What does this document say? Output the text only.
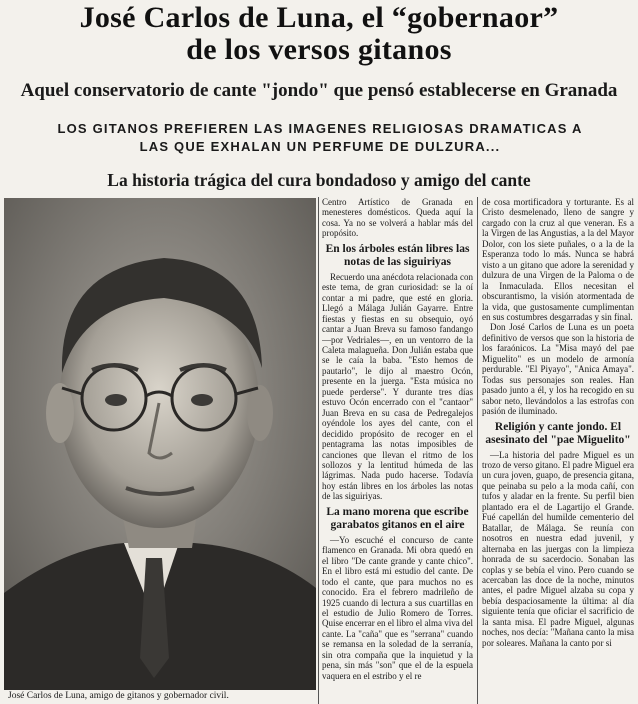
José Carlos de Luna, el “gobernaor”
de los versos gitanos
Aquel conservatorio de cante "jondo" que pensó establecerse en Granada
LOS GITANOS PREFIEREN LAS IMAGENES RELIGIOSAS DRAMATICAS A LAS QUE EXHALAN UN PERFUME DE DULZURA...
La historia trágica del cura bondadoso y amigo del cante
José Carlos de Luna, amigo de gitanos y gobernador civil.

Centro Artístico de Granada en menesteres domésticos. Queda aquí la cosa. Ya no se volverá a hablar más del propósito.

En los árboles están libres las notas de las siguiriyas

Recuerdo una anécdota relacionada con este tema, de gran curiosidad: se la oí contar a mi padre, que esté en gloria. Llegó a Málaga Julián Gayarre. Entre fiestas y fiestas en su obsequio, oyó cantar a Juan Breva su famoso fandango—por Vedriales—, en un ventorro de la Caleta malagueña. Don Julián estaba que se le caía la baba. "Esto hemos de pautarlo", le dijo al maestro Ocón, presente en la juerga. "Esta música no puede perderse". Y durante tres días estuvo Ocón encerrado con el "cantaor" Juan Breva en su casa de Pedregalejos oyéndole los ayes del cante, con el decidido propósito de recoger en el pentagrama las notas imposibles de canciones que llevan el ritmo de los sollozos y la lentitud húmeda de las lágrimas. Nada pudo hacerse. Todavía hoy están libres en los árboles las notas de las siguiriyas.

La mano morena que escribe garabatos gitanos en el aire

—Yo escuché el concurso de cante flamenco en Granada. Mi obra quedó en el libro "De cante grande y cante chico". En el libro está mi estudio del cante. De todo el cante, que para muchos no es conocido. Era el febrero madrileño de 1925 cuando di lectura a sus cuartillas en el estudio de Julio Romero de Torres. Quise encerrar en el libro el alma viva del cante. La "caña" que es "serrana" cuando se remansa en la soledad de la serranía, sin otra compaña que la inquietud y la pena, sin más "son" que el de la espuela vaquera en el estribo y el re

de cosa mortificadora y torturante. Es al Cristo desmelenado, lleno de sangre y cargado con la cruz al que veneran. Es a la Virgen de las Angustias, a la del Mayor Dolor, con los siete puñales, o a la de la Esperanza todo lo más. Nunca se habrá visto a un gitano que adore la serenidad y dulzura de una Virgen de la Paloma o de la Inmaculada. Ellos necesitan el obscurantismo, la visión atormentada de la vida, que gustosamente cumplimentan en sus costumbres desgarradas y sin final.

Don José Carlos de Luna es un poeta definitivo de versos que son la historia de los faraónicos. La "Misa mayó del pae Miguelito" es un modelo de armonía perdurable. "El Piyayo", "Anica Amaya". Todas sus personajes son reales. Han pasado junto a él, y los ha recogido en su sabor neto, llevándolos a las estrofas con pasión de iluminado.

Religión y cante jondo. El asesinato del "pae Miguelito"

—La historia del padre Miguel es un trozo de verso gitano. El padre Miguel era un cura joven, guapo, de presencia gitana, que peinaba su pelo a la moda cañí, con tufos y aladar en la frente. Su perfil bien plantado era el de Lagartijo el Grande. Fué capellán del humilde cementerio del Batallar, de Málaga. Se reunía con nosotros en nuestra edad juvenil, y alternaba en las juergas con la limpieza honrada de su sacerdocio. Sonaban las coplas y se bebía el vino. Pero cuando se acercaban las doce de la noche, minutos antes, el padre Miguel alzaba su copa y bebía despaciosamente la última: al día siguiente tenía que oficiar el sacrificio de la santa misa. El padre Miguel, algunas noches, nos decía: "Mañana canto la misa por soleares. Mañana la canto por si
